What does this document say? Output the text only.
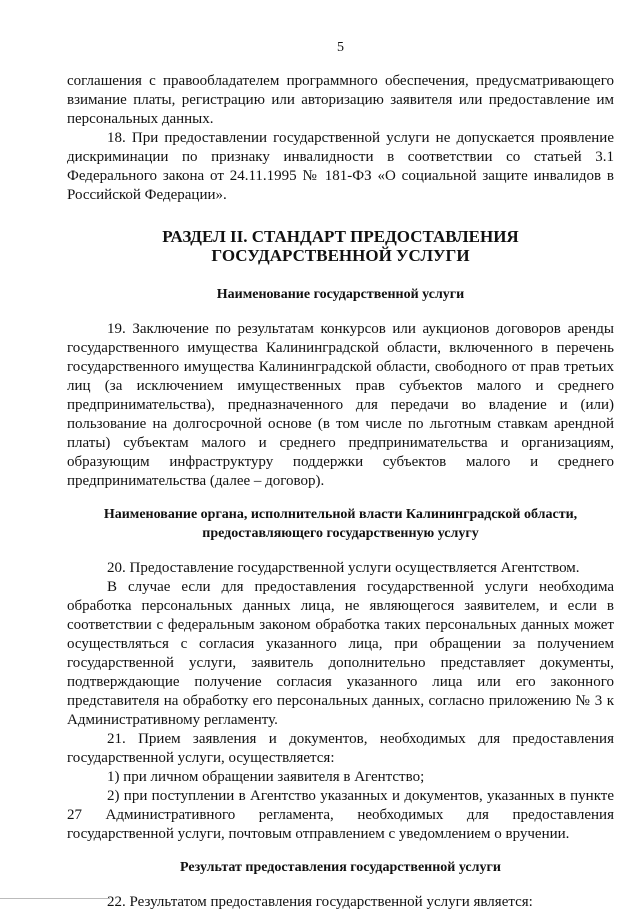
5

соглашения с правообладателем программного обеспечения, предусматривающего взимание платы, регистрацию или авторизацию заявителя или предоставление им персональных данных.

18. При предоставлении государственной услуги не допускается проявление дискриминации по признаку инвалидности в соответствии со статьей 3.1 Федерального закона от 24.11.1995 № 181-ФЗ «О социальной защите инвалидов в Российской Федерации».

РАЗДЕЛ II. СТАНДАРТ ПРЕДОСТАВЛЕНИЯ
ГОСУДАРСТВЕННОЙ УСЛУГИ
Наименование государственной услуги

19. Заключение по результатам конкурсов или аукционов договоров аренды государственного имущества Калининградской области, включенного в перечень государственного имущества Калининградской области, свободного от прав третьих лиц (за исключением имущественных прав субъектов малого и среднего предпринимательства), предназначенного для передачи во владение и (или) пользование на долгосрочной основе (в том числе по льготным ставкам арендной платы) субъектам малого и среднего предпринимательства и организациям, образующим инфраструктуру поддержки субъектов малого и среднего предпринимательства (далее – договор).

Наименование органа, исполнительной власти Калининградской области,
предоставляющего государственную услугу

20. Предоставление государственной услуги осуществляется Агентством.

В случае если для предоставления государственной услуги необходима обработка персональных данных лица, не являющегося заявителем, и если в соответствии с федеральным законом обработка таких персональных данных может осуществляться с согласия указанного лица, при обращении за получением государственной услуги, заявитель дополнительно представляет документы, подтверждающие получение согласия указанного лица или его законного представителя на обработку его персональных данных, согласно приложению № 3 к Административному регламенту.

21. Прием заявления и документов, необходимых для предоставления государственной услуги, осуществляется:

1) при личном обращении заявителя в Агентство;

2) при поступлении в Агентство указанных и документов, указанных в пункте 27 Административного регламента, необходимых для предоставления государственной услуги, почтовым отправлением с уведомлением о вручении.

Результат предоставления государственной услуги

22. Результатом предоставления государственной услуги является:
